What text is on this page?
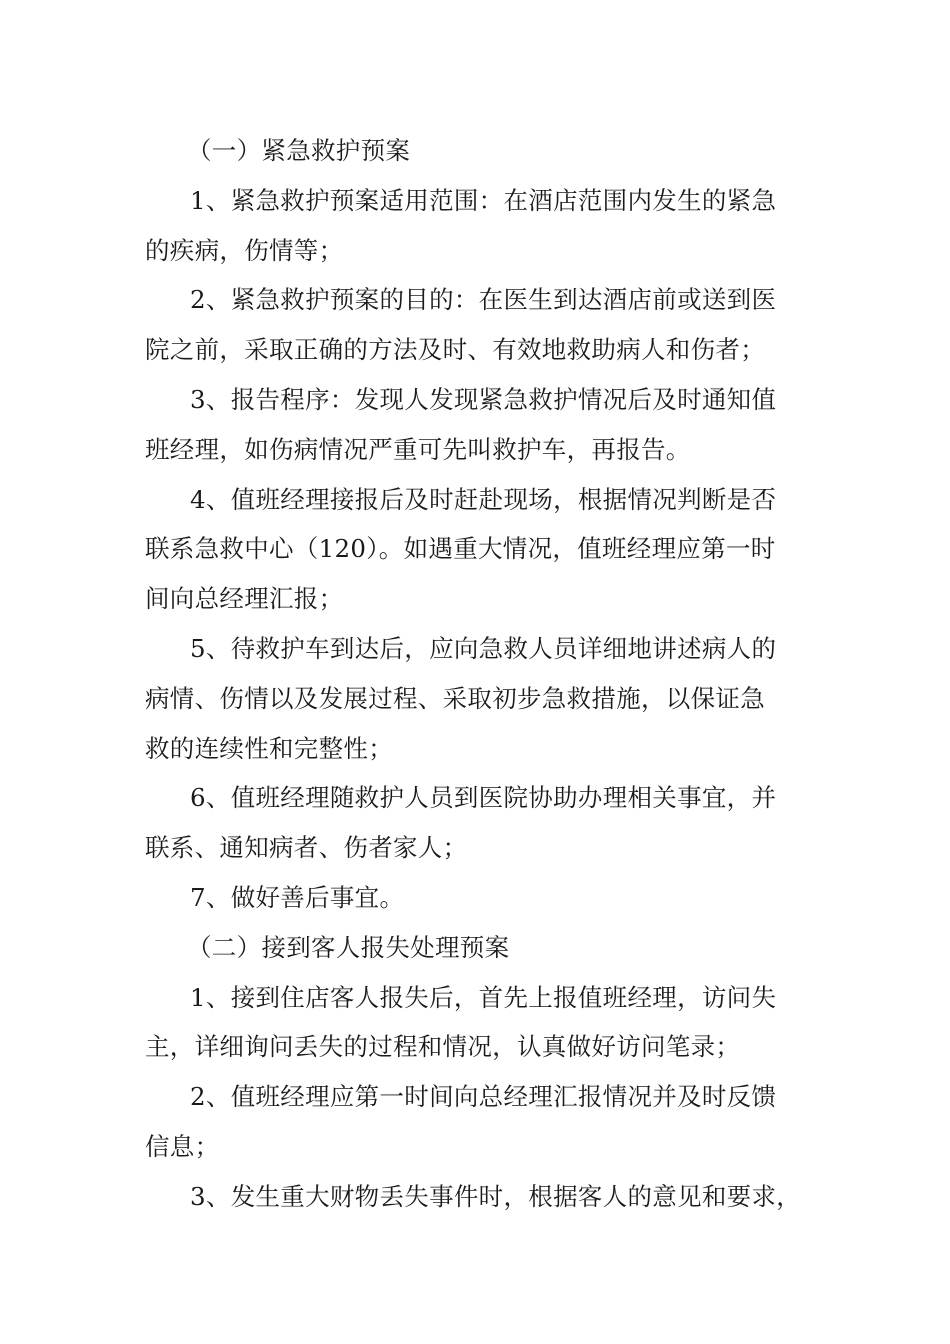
（一）紧急救护预案
1、紧急救护预案适用范围：在酒店范围内发生的紧急
的疾病，伤情等；
2、紧急救护预案的目的：在医生到达酒店前或送到医
院之前，采取正确的方法及时、有效地救助病人和伤者；
3、报告程序：发现人发现紧急救护情况后及时通知值
班经理，如伤病情况严重可先叫救护车，再报告。
4、值班经理接报后及时赶赴现场，根据情况判断是否
联系急救中心（120）。如遇重大情况，值班经理应第一时
间向总经理汇报；
5、待救护车到达后，应向急救人员详细地讲述病人的
病情、伤情以及发展过程、采取初步急救措施，以保证急
救的连续性和完整性；
6、值班经理随救护人员到医院协助办理相关事宜，并
联系、通知病者、伤者家人；
7、做好善后事宜。
（二）接到客人报失处理预案
1、接到住店客人报失后，首先上报值班经理，访问失
主，详细询问丢失的过程和情况，认真做好访问笔录；
2、值班经理应第一时间向总经理汇报情况并及时反馈
信息；
3、发生重大财物丢失事件时，根据客人的意见和要求，
